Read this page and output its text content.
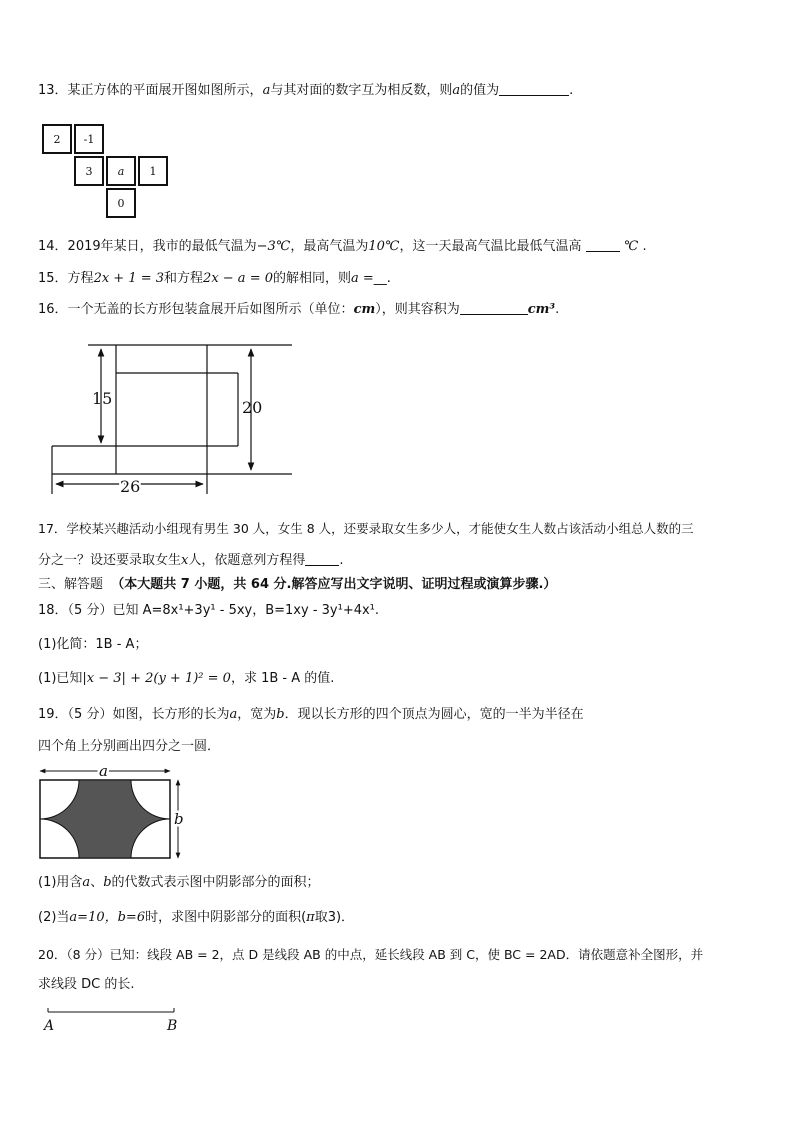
13．某正方体的平面展开图如图所示，a与其对面的数字互为相反数，则a的值为	.
2	-1
3	a	1
0
14．2019年某日，我市的最低气温为−3℃，最高气温为10℃，这一天最高气温比最低气温高	℃ .
15．方程2x + 1 = 3和方程2x − a = 0的解相同，则a =__.
16．一个无盖的长方形包装盒展开后如图所示（单位：cm），则其容积为	cm³.
15	20
26
17．学校某兴趣活动小组现有男生 30 人，女生 8 人，还要录取女生多少人，才能使女生人数占该活动小组总人数的三
分之一？设还要录取女生x人，依题意列方程得	.
三、解答题 （本大题共 7 小题，共 64 分.解答应写出文字说明、证明过程或演算步骤.）
18．（5 分）已知 A=8x¹+3y¹ - 5xy，B=1xy - 3y¹+4x¹.
(1)化简：1B - A；
(1)已知|x − 3| + 2(y + 1)² = 0，求 1B - A 的值.
19．（5 分）如图，长方形的长为a，宽为b．现以长方形的四个顶点为圆心，宽的一半为半径在
四个角上分别画出四分之一圆．
a
b
(1)用含a、b的代数式表示图中阴影部分的面积；
(2)当a=10，b=6时，求图中阴影部分的面积(π取3)．
20．（8 分）已知：线段 AB = 2，点 D 是线段 AB 的中点，延长线段 AB 到 C，使 BC = 2AD．请依题意补全图形，并
求线段 DC 的长.
A	B
